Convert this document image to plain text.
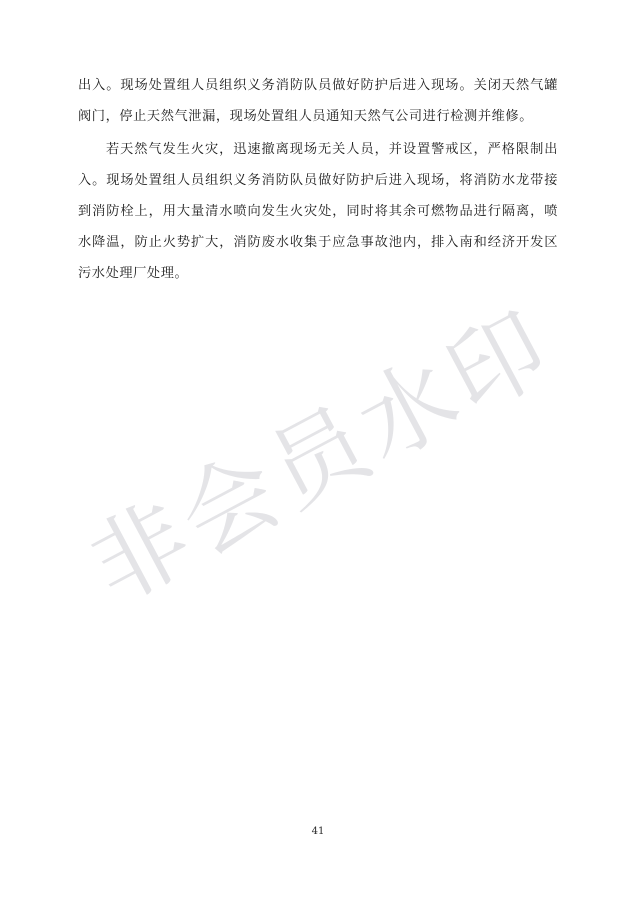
非会员水印

出入。现场处置组人员组织义务消防队员做好防护后进入现场。关闭天然气罐阀门，停止天然气泄漏，现场处置组人员通知天然气公司进行检测并维修。

若天然气发生火灾，迅速撤离现场无关人员，并设置警戒区，严格限制出入。现场处置组人员组织义务消防队员做好防护后进入现场，将消防水龙带接到消防栓上，用大量清水喷向发生火灾处，同时将其余可燃物品进行隔离，喷水降温，防止火势扩大，消防废水收集于应急事故池内，排入南和经济开发区污水处理厂处理。

41
